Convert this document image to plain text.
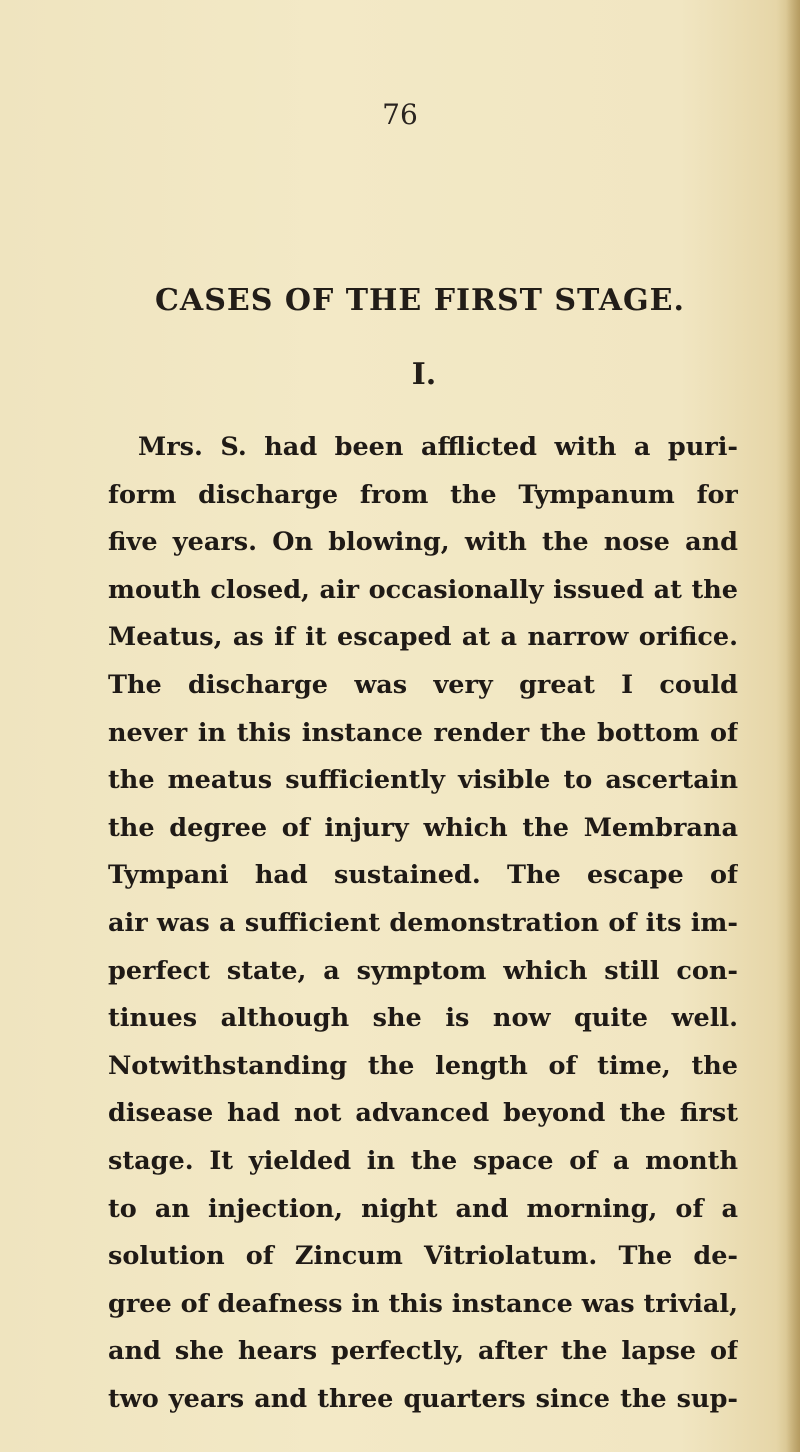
76
CASES OF THE FIRST STAGE.
I.
Mrs. S. had been afflicted with a puri-
form discharge from the Tympanum for
five years. On blowing, with the nose and
mouth closed, air occasionally issued at the
Meatus, as if it escaped at a narrow orifice.
The discharge was very great I could
never in this instance render the bottom of
the meatus sufficiently visible to ascertain
the degree of injury which the Membrana
Tympani had sustained. The escape of
air was a sufficient demonstration of its im-
perfect state, a symptom which still con-
tinues although she is now quite well.
Notwithstanding the length of time, the
disease had not advanced beyond the first
stage. It yielded in the space of a month
to an injection, night and morning, of a
solution of Zincum Vitriolatum. The de-
gree of deafness in this instance was trivial,
and she hears perfectly, after the lapse of
two years and three quarters since the sup-
